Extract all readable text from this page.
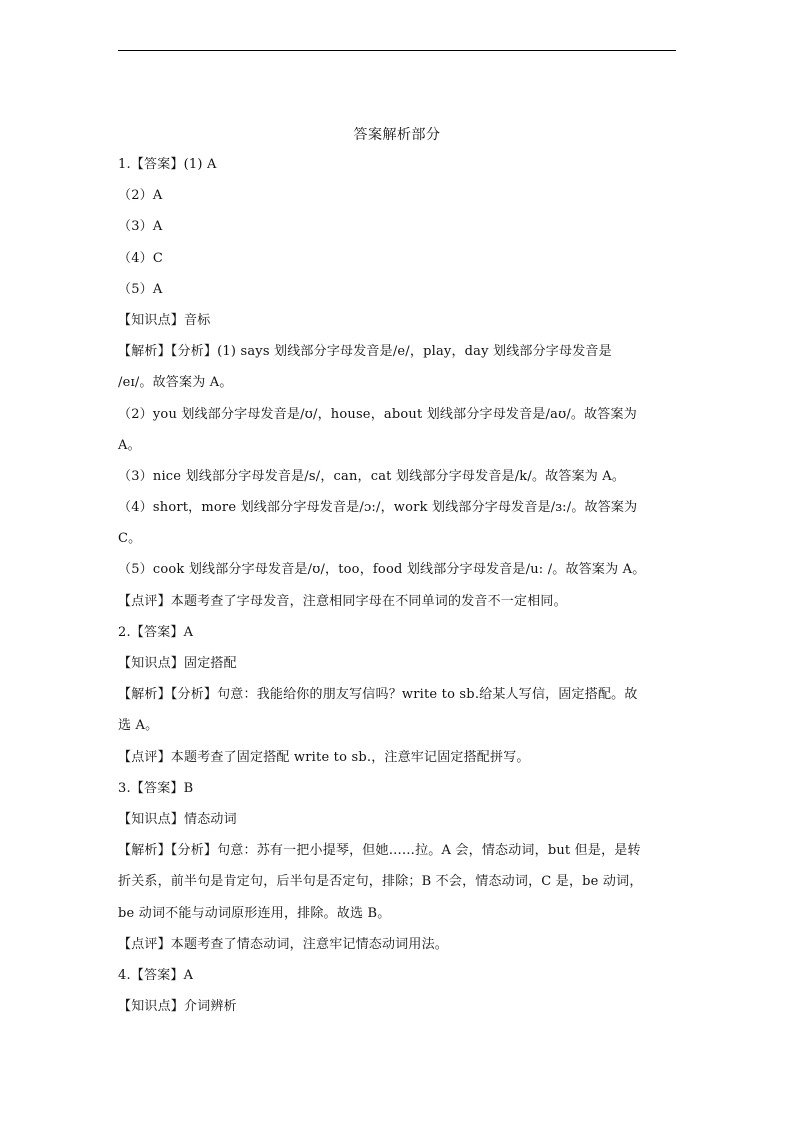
答案解析部分
1.【答案】(1) A
（2）A
（3）A
（4）C
（5）A
【知识点】音标
【解析】【分析】(1) says 划线部分字母发音是/e/，play，day 划线部分字母发音是
/eɪ/。故答案为 A。
（2）you 划线部分字母发音是/ʊ/，house，about 划线部分字母发音是/aʊ/。故答案为
A。
（3）nice 划线部分字母发音是/s/，can，cat 划线部分字母发音是/k/。故答案为 A。
（4）short，more 划线部分字母发音是/ɔ:/，work 划线部分字母发音是/ɜ:/。故答案为
C。
（5）cook 划线部分字母发音是/ʊ/，too，food 划线部分字母发音是/u: /。故答案为 A。
【点评】本题考查了字母发音，注意相同字母在不同单词的发音不一定相同。
2.【答案】A
【知识点】固定搭配
【解析】【分析】句意：我能给你的朋友写信吗？write to sb.给某人写信，固定搭配。故
选 A。
【点评】本题考查了固定搭配 write to sb.，注意牢记固定搭配拼写。
3.【答案】B
【知识点】情态动词
【解析】【分析】句意：苏有一把小提琴，但她……拉。A 会，情态动词，but 但是，是转
折关系，前半句是肯定句，后半句是否定句，排除；B 不会，情态动词，C 是，be 动词，
be 动词不能与动词原形连用，排除。故选 B。
【点评】本题考查了情态动词，注意牢记情态动词用法。
4.【答案】A
【知识点】介词辨析
